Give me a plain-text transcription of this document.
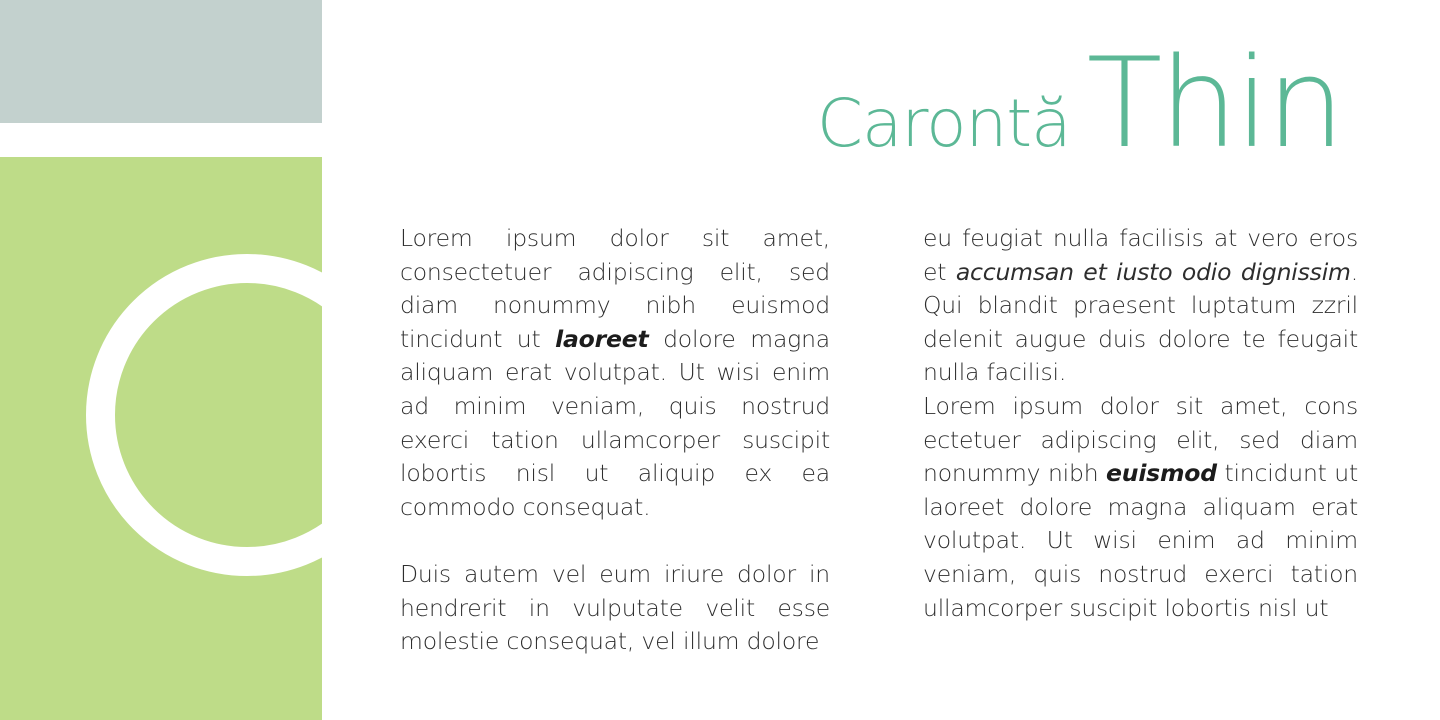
Carontă Thin

Lorem ipsum dolor sit amet, consectetuer adipiscing elit, sed diam nonummy nibh euismod tincidunt ut laoreet dolore magna aliquam erat volutpat. Ut wisi enim ad minim veniam, quis nostrud exerci tation ullamcorper suscipit lobortis nisl ut aliquip ex ea commodo consequat.

Duis autem vel eum iriure dolor in hendrerit in vulputate velit esse molestie consequat, vel illum dolore

eu feugiat nulla facilisis at vero eros et accumsan et iusto odio dignissim. Qui blandit praesent luptatum zzril delenit augue duis dolore te feugait nulla facilisi.

Lorem ipsum dolor sit amet, cons ectetuer adipiscing elit, sed diam nonummy nibh euismod tincidunt ut laoreet dolore magna aliquam erat volutpat. Ut wisi enim ad minim veniam, quis nostrud exerci tation ullamcorper suscipit lobortis nisl ut
